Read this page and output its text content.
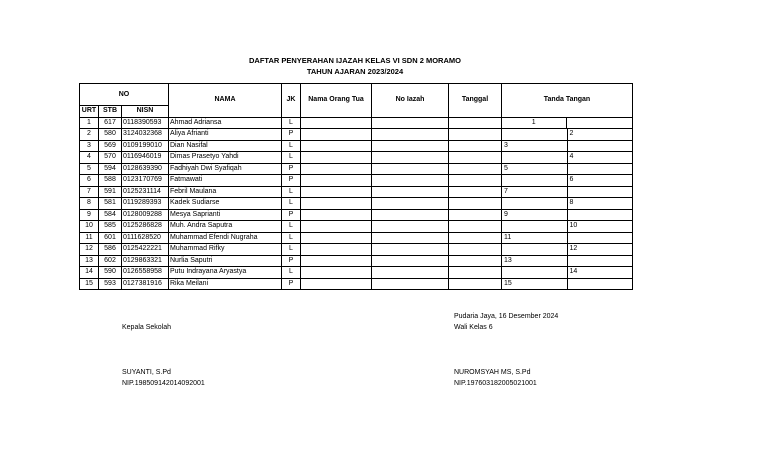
DAFTAR PENYERAHAN IJAZAH KELAS VI SDN 2 MORAMO
TAHUN AJARAN 2023/2024
NO			NAMA	JK	Nama Orang Tua	No Iazah	Tanggal	Tanda Tangan
URT	STB	NISN						
1	617	0118390593	Ahmad Adriansa	L				1

2	580	3124032368	Aliya Afrianti	P				2

3	569	0109199010	Dian Nasifal	L				3

4	570	0116946019	Dimas Prasetyo Yahdi	L				4

5	594	0128639390	Fadhiyah Dwi Syafiqah	P				5

6	588	0123170769	Fatmawati	P				6

7	591	0125231114	Febril Maulana	L				7

8	581	0119289393	Kadek Sudiarse	L				8

9	584	0128009288	Mesya Saprianti	P				9

10	585	0125286828	Muh. Andra Saputra	L				10

11	601	0111628520	Muhammad Efendi Nugraha	L				11

12	586	0125422221	Muhammad Rifky	L				12

13	602	0129863321	Nurlia Saputri	P				13

14	590	0126558958	Putu Indrayana Aryastya	L				14

15	593	0127381916	Rika Meilani	P				15
Pudaria Jaya, 16 Desember 2024
Kepala Sekolah	Wali Kelas 6
SUYANTI, S.Pd
NIP.198509142014092001
NUROMSYAH MS, S.Pd
NIP.197603182005021001
